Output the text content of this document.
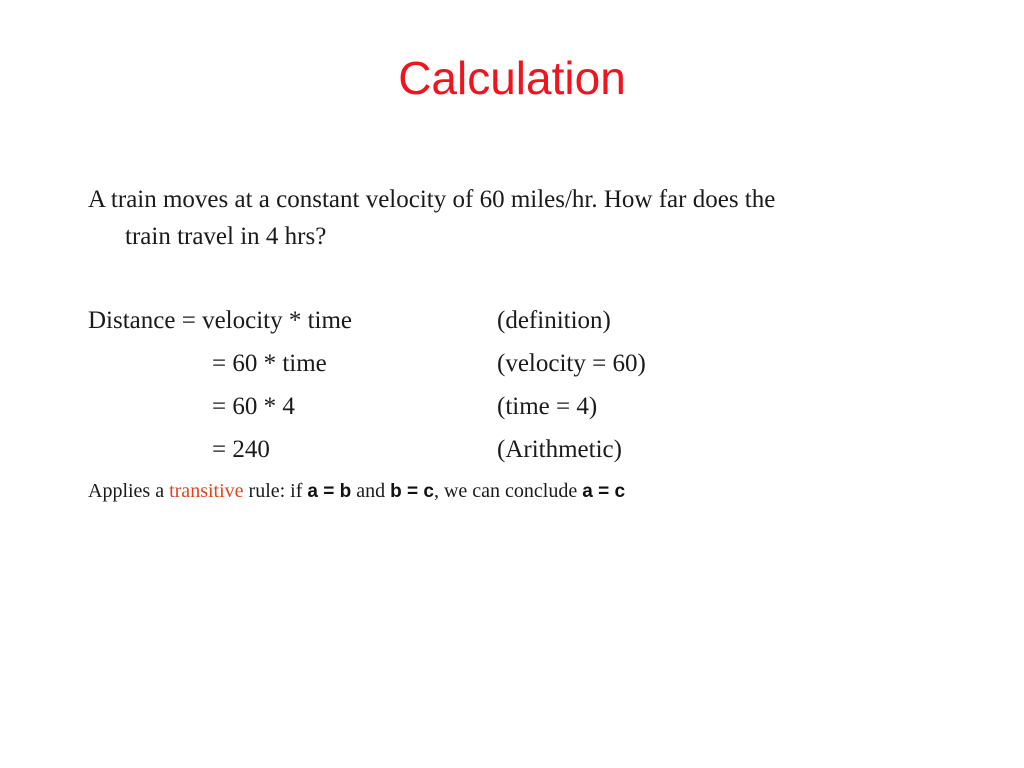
Calculation
A train moves at a constant velocity of 60 miles/hr. How far does the
train travel in 4 hrs?
Distance = velocity * time	(definition)
= 60 * time	(velocity = 60)
= 60 * 4	(time = 4)
= 240	(Arithmetic)
Applies a transitive rule: if a = b and b = c, we can conclude a = c
